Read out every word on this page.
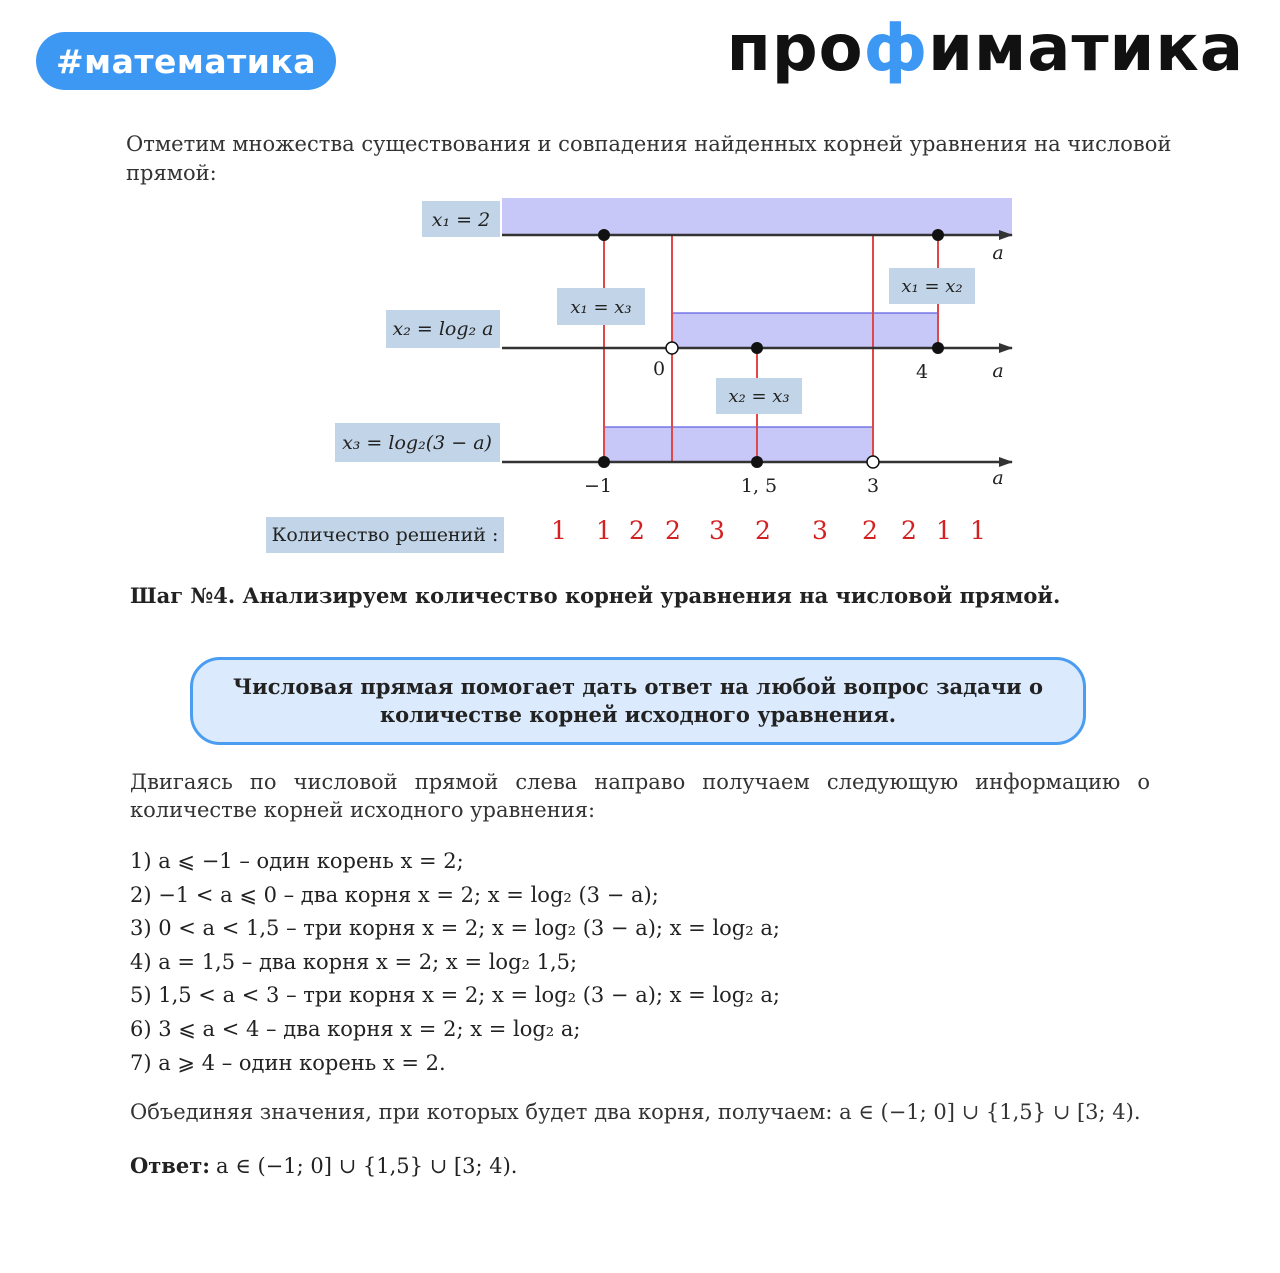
#математика	профиматика
Отметим множества существования и совпадения найденных корней уравнения на числовой прямой:
x₁ = 2
x₂ = log₂ a
x₃ = log₂(3 − a)
x₁ = x₃
x₁ = x₂
x₂ = x₃
a
a
a
0	4
−1	1, 5	3
Количество решений : 1 1 2 2 3 2 3 2 2 1 1
Шаг №4. Анализируем количество корней уравнения на числовой прямой.
Числовая прямая помогает дать ответ на любой вопрос задачи о количестве корней исходного уравнения.
Двигаясь по числовой прямой слева направо получаем следующую информацию о количестве корней исходного уравнения:
1) a ⩽ −1 – один корень x = 2;
2) −1 < a ⩽ 0 – два корня x = 2; x = log₂ (3 − a);
3) 0 < a < 1,5 – три корня x = 2; x = log₂ (3 − a); x = log₂ a;
4) a = 1,5 – два корня x = 2; x = log₂ 1,5;
5) 1,5 < a < 3 – три корня x = 2; x = log₂ (3 − a); x = log₂ a;
6) 3 ⩽ a < 4 – два корня x = 2; x = log₂ a;
7) a ⩾ 4 – один корень x = 2.
Объединяя значения, при которых будет два корня, получаем: a ∈ (−1; 0] ∪ {1,5} ∪ [3; 4).
Ответ: a ∈ (−1; 0] ∪ {1,5} ∪ [3; 4).
